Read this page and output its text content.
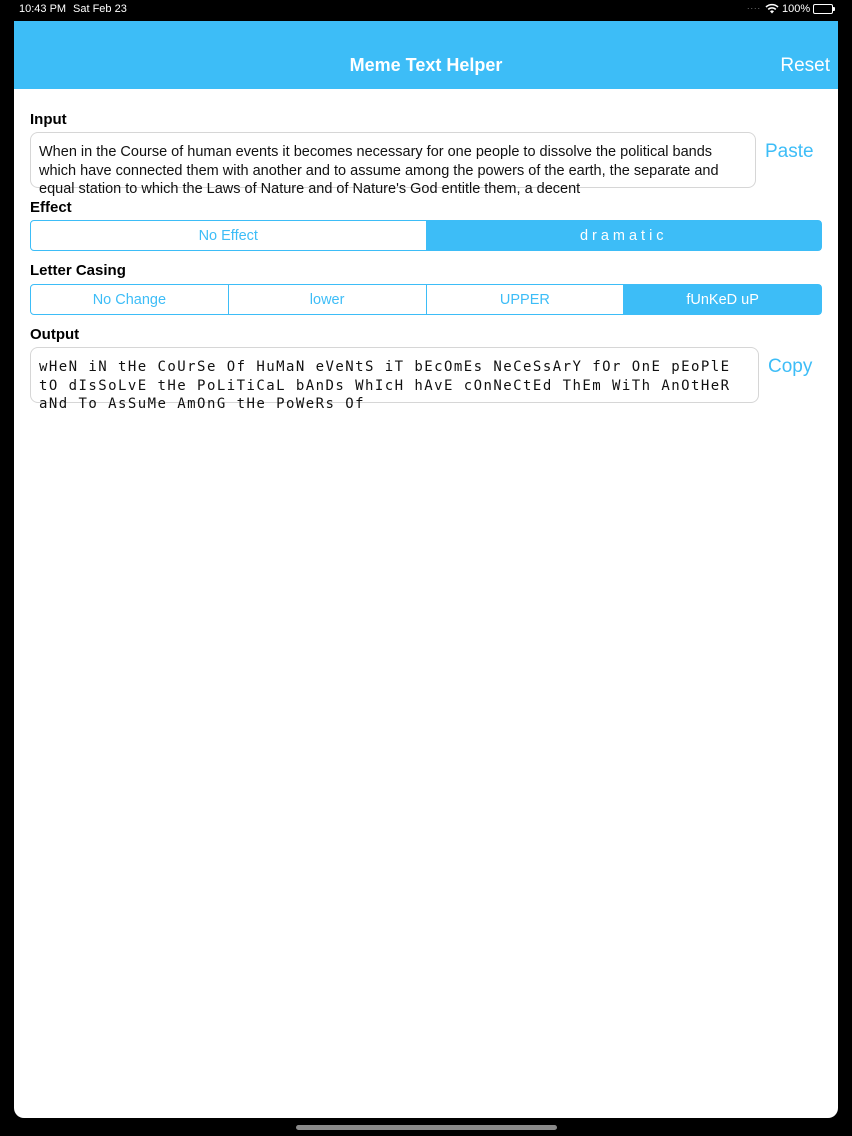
10:43 PM Sat Feb 23	.... 100%
Meme Text Helper	Reset
Input
When in the Course of human events it becomes necessary for one people to dissolve the political bands which have connected them with another and to assume among the powers of the earth, the separate and equal station to which the Laws of Nature and of Nature's God entitle them, a decent
Paste
Effect
No Effect	dramatic
Letter Casing
No Change	lower	UPPER	fUnKeD uP
Output
wHeN iN tHe CoUrSe Of HuMaN eVeNtS iT bEcOmEs NeCeSsArY fOr OnE pEoPlE tO dIsSoLvE tHe PoLiTiCaL bAnDs WhIcH hAvE cOnNeCtEd ThEm WiTh AnOtHeR aNd To AsSuMe AmOnG tHe PoWeRs Of
Copy
